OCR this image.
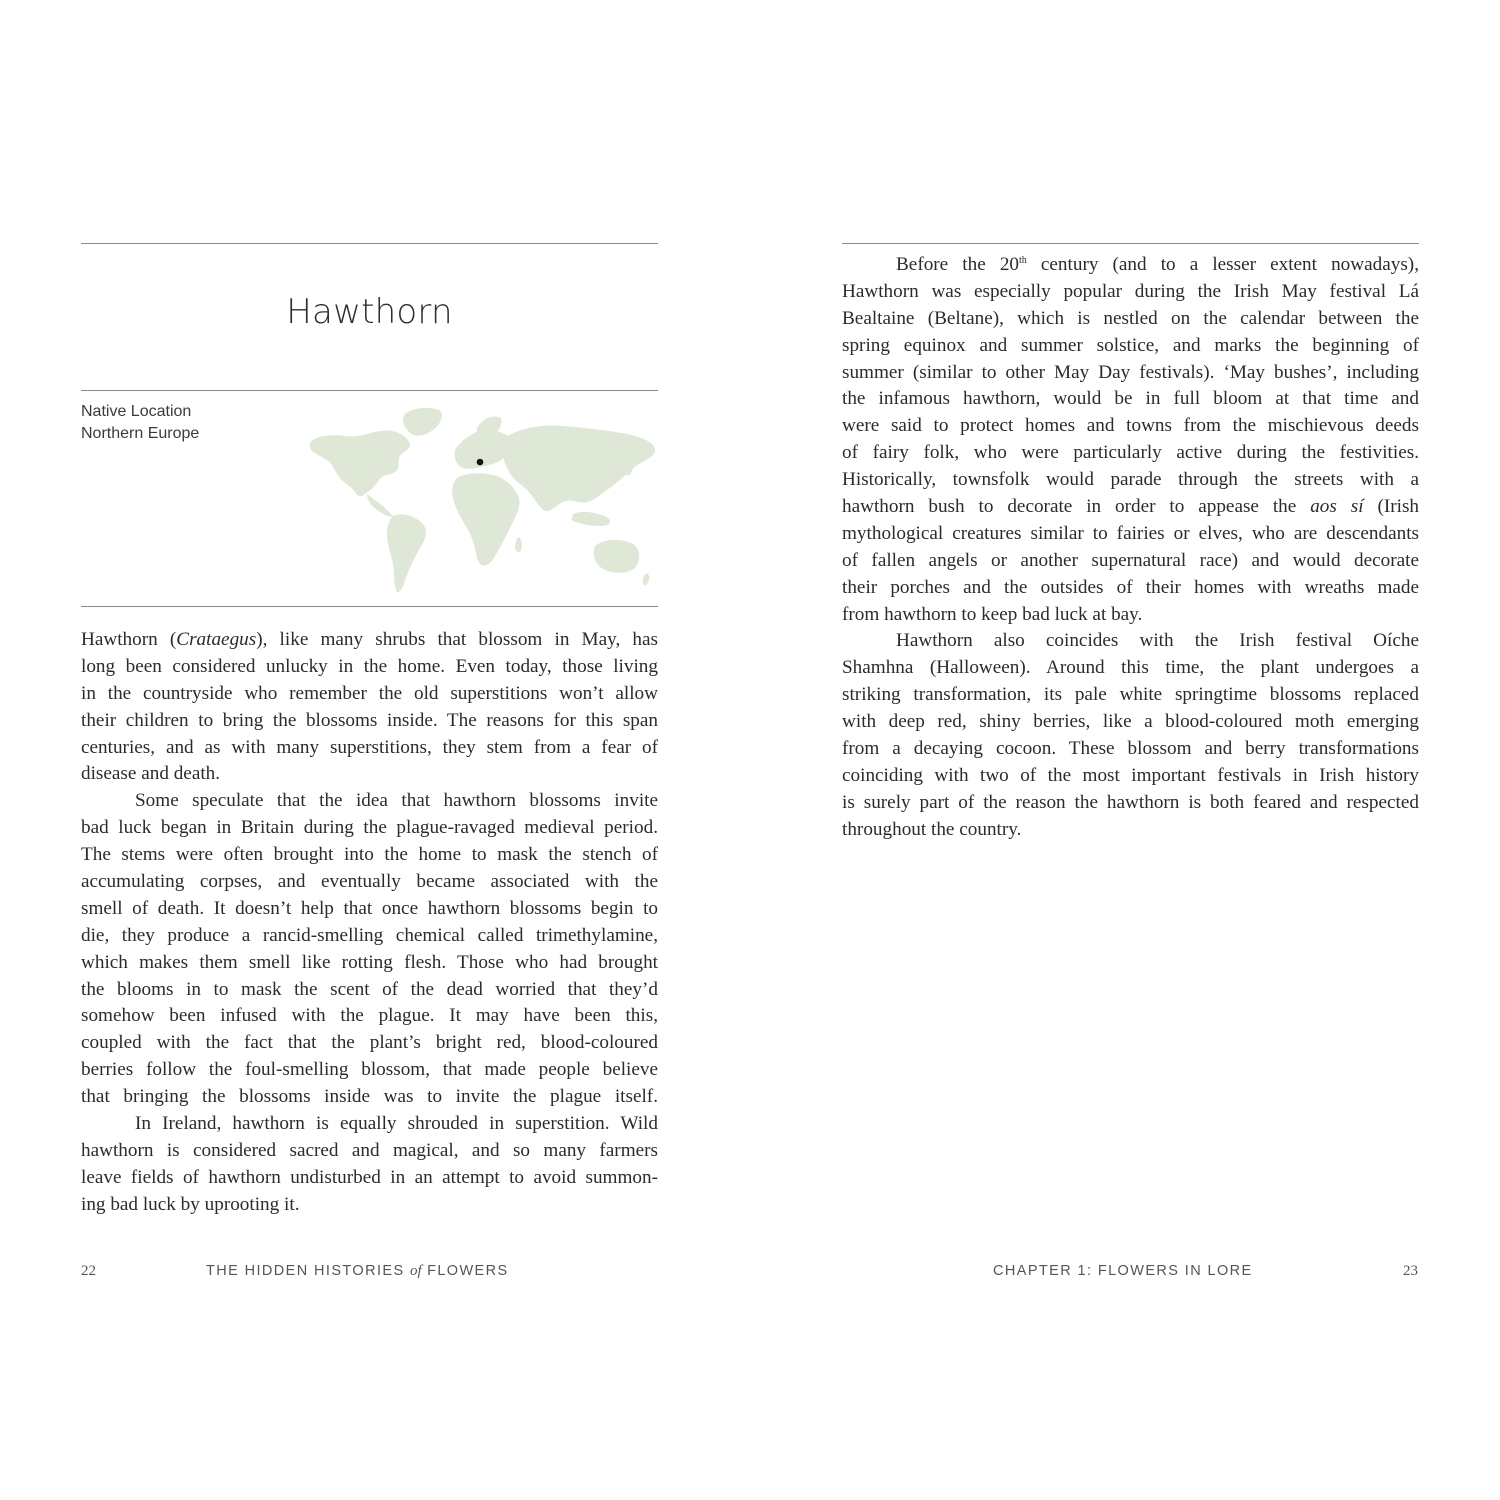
Hawthorn
Native Location
Northern Europe
Hawthorn (Crataegus), like many shrubs that blossom in May, has
long been considered unlucky in the home. Even today, those living
in the countryside who remember the old superstitions won’t allow
their children to bring the blossoms inside. The reasons for this span
centuries, and as with many superstitions, they stem from a fear of
disease and death.
Some speculate that the idea that hawthorn blossoms invite
bad luck began in Britain during the plague-ravaged medieval period.
The stems were often brought into the home to mask the stench of
accumulating corpses, and eventually became associated with the
smell of death. It doesn’t help that once hawthorn blossoms begin to
die, they produce a rancid-smelling chemical called trimethylamine,
which makes them smell like rotting flesh. Those who had brought
the blooms in to mask the scent of the dead worried that they’d
somehow been infused with the plague. It may have been this,
coupled with the fact that the plant’s bright red, blood-coloured
berries follow the foul-smelling blossom, that made people believe
that bringing the blossoms inside was to invite the plague itself.
In Ireland, hawthorn is equally shrouded in superstition. Wild
hawthorn is considered sacred and magical, and so many farmers
leave fields of hawthorn undisturbed in an attempt to avoid summon-
ing bad luck by uprooting it.
22	THE HIDDEN HISTORIES of FLOWERS
Before the 20th century (and to a lesser extent nowadays),
Hawthorn was especially popular during the Irish May festival Lá
Bealtaine (Beltane), which is nestled on the calendar between the
spring equinox and summer solstice, and marks the beginning of
summer (similar to other May Day festivals). ‘May bushes’, including
the infamous hawthorn, would be in full bloom at that time and
were said to protect homes and towns from the mischievous deeds
of fairy folk, who were particularly active during the festivities.
Historically, townsfolk would parade through the streets with a
hawthorn bush to decorate in order to appease the aos sí (Irish
mythological creatures similar to fairies or elves, who are descendants
of fallen angels or another supernatural race) and would decorate
their porches and the outsides of their homes with wreaths made
from hawthorn to keep bad luck at bay.
Hawthorn also coincides with the Irish festival Oíche
Shamhna (Halloween). Around this time, the plant undergoes a
striking transformation, its pale white springtime blossoms replaced
with deep red, shiny berries, like a blood-coloured moth emerging
from a decaying cocoon. These blossom and berry transformations
coinciding with two of the most important festivals in Irish history
is surely part of the reason the hawthorn is both feared and respected
throughout the country.
CHAPTER 1: FLOWERS IN LORE	23
